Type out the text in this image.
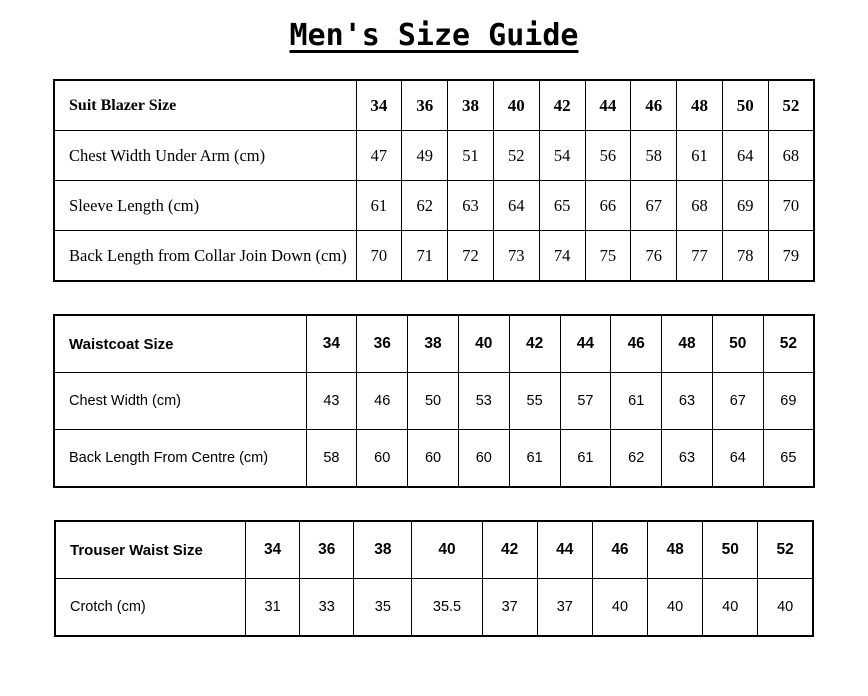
Men's Size Guide
Suit Blazer Size	34	36	38	40	42	44	46	48	50	52
Chest Width Under Arm (cm)	47	49	51	52	54	56	58	61	64	68
Sleeve Length (cm)	61	62	63	64	65	66	67	68	69	70
Back Length from Collar Join Down (cm)	70	71	72	73	74	75	76	77	78	79
Waistcoat Size	34	36	38	40	42	44	46	48	50	52
Chest Width (cm)	43	46	50	53	55	57	61	63	67	69
Back Length From Centre (cm)	58	60	60	60	61	61	62	63	64	65
Trouser Waist Size	34	36	38	40	42	44	46	48	50	52
Crotch (cm)	31	33	35	35.5	37	37	40	40	40	40
